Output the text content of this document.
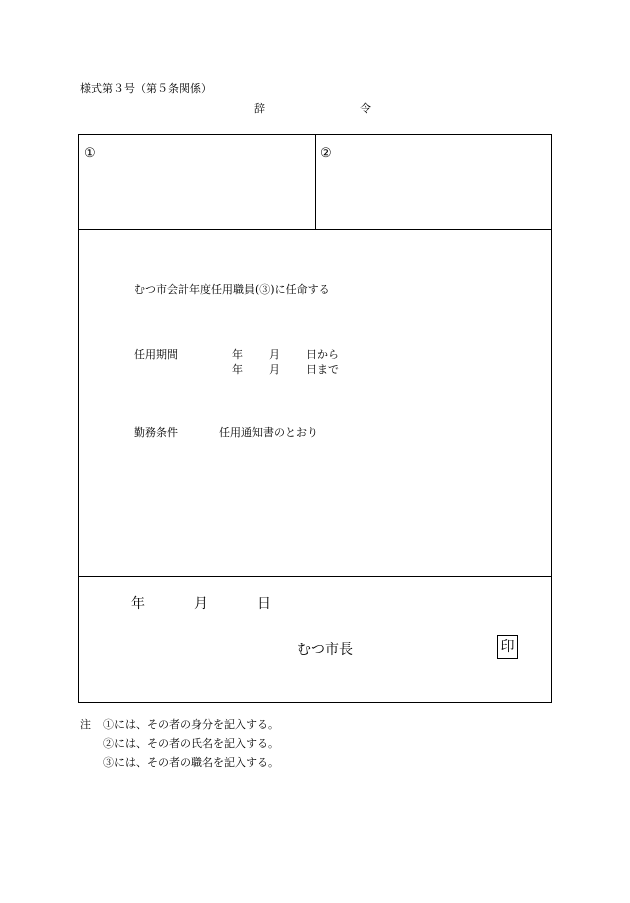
様式第３号（第５条関係）
辞	令
①	②
むつ市会計年度任用職員(③)に任命する
任用期間	年 月 日から
年 月 日まで
勤務条件	任用通知書のとおり
年	月	日
むつ市長	印
注 ①には、その者の身分を記入する。
②には、その者の氏名を記入する。
③には、その者の職名を記入する。
